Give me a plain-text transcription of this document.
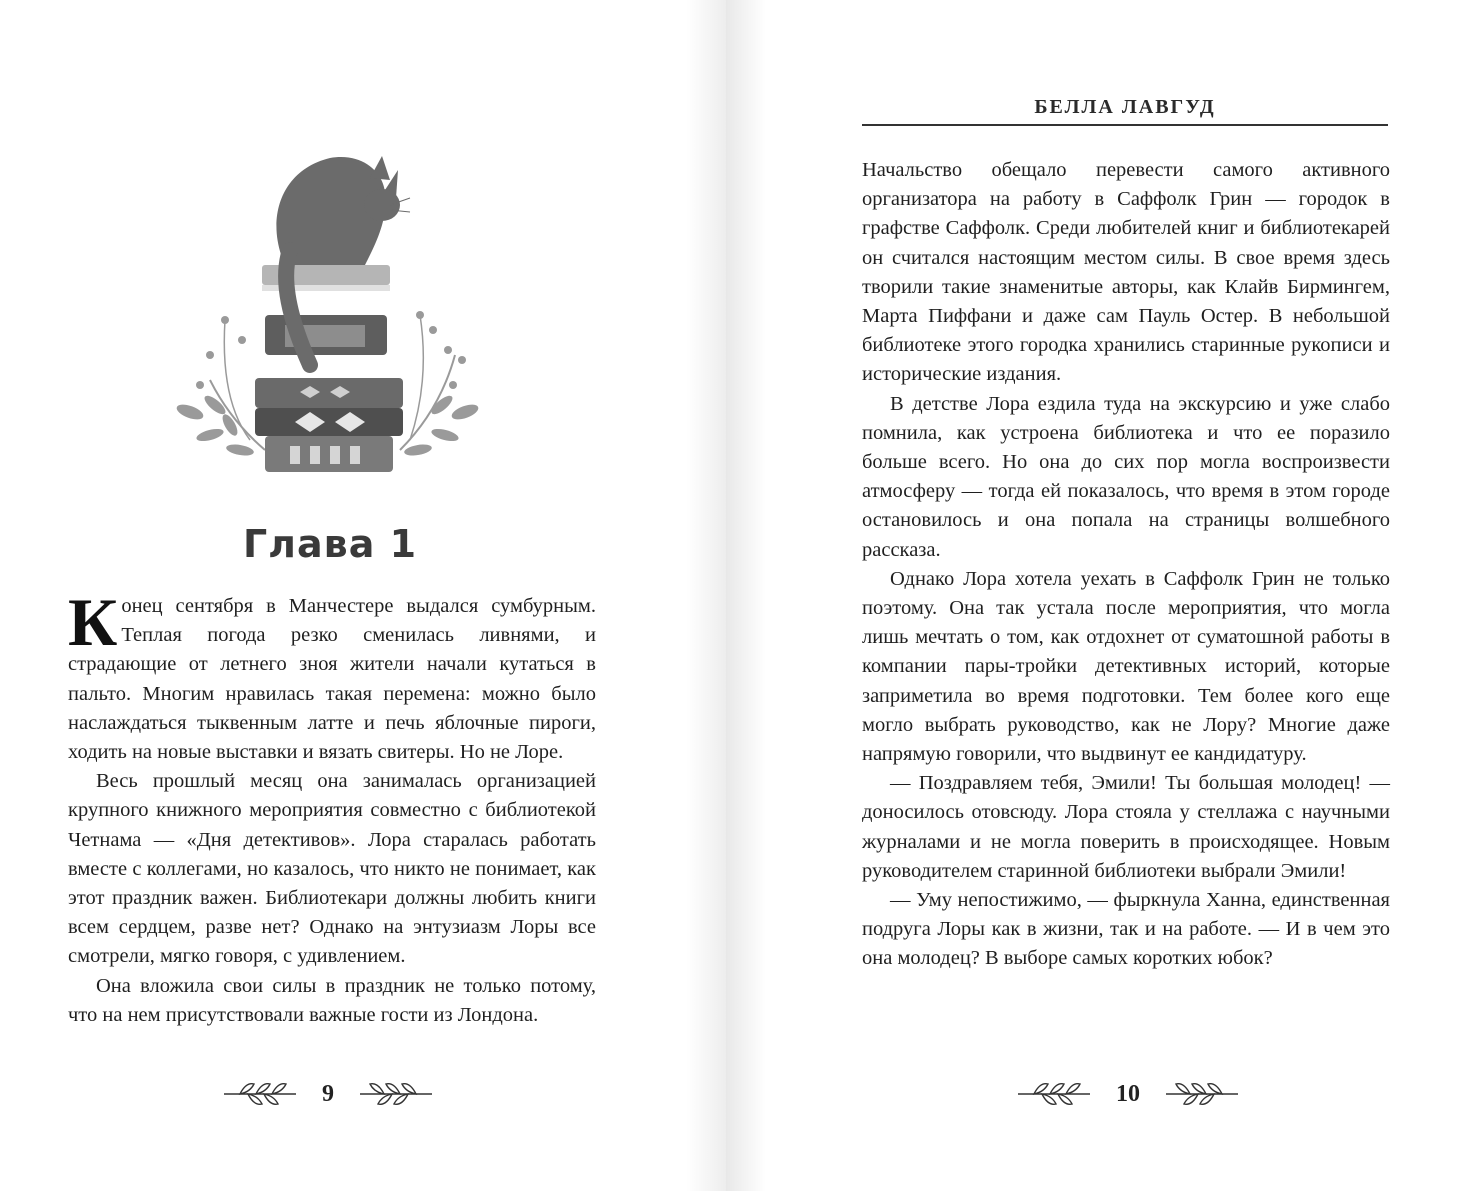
Глава 1

Конец сентября в Манчестере выдался сумбурным. Теплая погода резко сменилась ливнями, и страдающие от летнего зноя жители начали кутаться в пальто. Многим нравилась такая перемена: можно было наслаждаться тыквенным латте и печь яблочные пироги, ходить на новые выставки и вязать свитеры. Но не Лоре.

Весь прошлый месяц она занималась организацией крупного книжного мероприятия совместно с библиотекой Четнама — «Дня детективов». Лора старалась работать вместе с коллегами, но казалось, что никто не понимает, как этот праздник важен. Библиотекари должны любить книги всем сердцем, разве нет? Однако на энтузиазм Лоры все смотрели, мягко говоря, с удивлением.

Она вложила свои силы в праздник не только потому, что на нем присутствовали важные гости из Лондона.

9
БЕЛЛА ЛАВГУД

Начальство обещало перевести самого активного организатора на работу в Саффолк Грин — городок в графстве Саффолк. Среди любителей книг и библиотекарей он считался настоящим местом силы. В свое время здесь творили такие знаменитые авторы, как Клайв Бирмингем, Марта Пиффани и даже сам Пауль Остер. В небольшой библиотеке этого городка хранились старинные рукописи и исторические издания.

В детстве Лора ездила туда на экскурсию и уже слабо помнила, как устроена библиотека и что ее поразило больше всего. Но она до сих пор могла воспроизвести атмосферу — тогда ей показалось, что время в этом городе остановилось и она попала на страницы волшебного рассказа.

Однако Лора хотела уехать в Саффолк Грин не только поэтому. Она так устала после мероприятия, что могла лишь мечтать о том, как отдохнет от суматошной работы в компании пары-тройки детективных историй, которые заприметила во время подготовки. Тем более кого еще могло выбрать руководство, как не Лору? Многие даже напрямую говорили, что выдвинут ее кандидатуру.

— Поздравляем тебя, Эмили! Ты большая молодец! — доносилось отовсюду. Лора стояла у стеллажа с научными журналами и не могла поверить в происходящее. Новым руководителем старинной библиотеки выбрали Эмили!

— Уму непостижимо, — фыркнула Ханна, единственная подруга Лоры как в жизни, так и на работе. — И в чем это она молодец? В выборе самых коротких юбок?

10
